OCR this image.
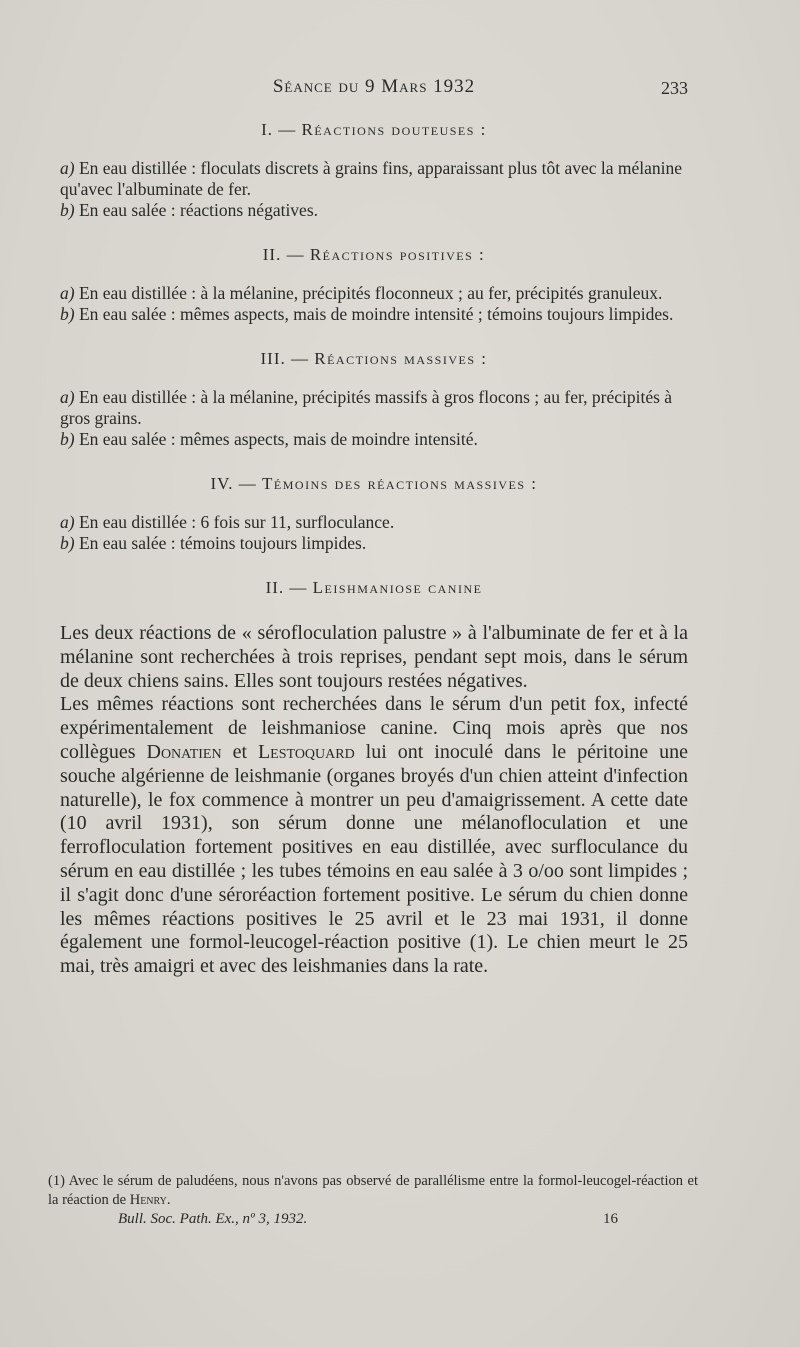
Séance du 9 Mars 1932	233

I. — Réactions douteuses :

a) En eau distillée : floculats discrets à grains fins, apparaissant plus tôt avec la mélanine qu'avec l'albuminate de fer.

b) En eau salée : réactions négatives.

II. — Réactions positives :

a) En eau distillée : à la mélanine, précipités floconneux ; au fer, précipités granuleux.

b) En eau salée : mêmes aspects, mais de moindre intensité ; témoins toujours limpides.

III. — Réactions massives :

a) En eau distillée : à la mélanine, précipités massifs à gros flocons ; au fer, précipités à gros grains.

b) En eau salée : mêmes aspects, mais de moindre intensité.

IV. — Témoins des réactions massives :

a) En eau distillée : 6 fois sur 11, surfloculance.

b) En eau salée : témoins toujours limpides.

II. — Leishmaniose canine

Les deux réactions de « sérofloculation palustre » à l'albuminate de fer et à la mélanine sont recherchées à trois reprises, pendant sept mois, dans le sérum de deux chiens sains. Elles sont toujours restées négatives.

Les mêmes réactions sont recherchées dans le sérum d'un petit fox, infecté expérimentalement de leishmaniose canine. Cinq mois après que nos collègues Donatien et Lestoquard lui ont inoculé dans le péritoine une souche algérienne de leishmanie (organes broyés d'un chien atteint d'infection naturelle), le fox commence à montrer un peu d'amaigrissement. A cette date (10 avril 1931), son sérum donne une mélanofloculation et une ferrofloculation fortement positives en eau distillée, avec surfloculance du sérum en eau distillée ; les tubes témoins en eau salée à 3 o/oo sont limpides ; il s'agit donc d'une séroréaction fortement positive. Le sérum du chien donne les mêmes réactions positives le 25 avril et le 23 mai 1931, il donne également une formol-leucogel-réaction positive (1). Le chien meurt le 25 mai, très amaigri et avec des leishmanies dans la rate.

(1) Avec le sérum de paludéens, nous n'avons pas observé de parallélisme entre la formol-leucogel-réaction et la réaction de Henry.
Bull. Soc. Path. Ex., nº 3, 1932.	16
